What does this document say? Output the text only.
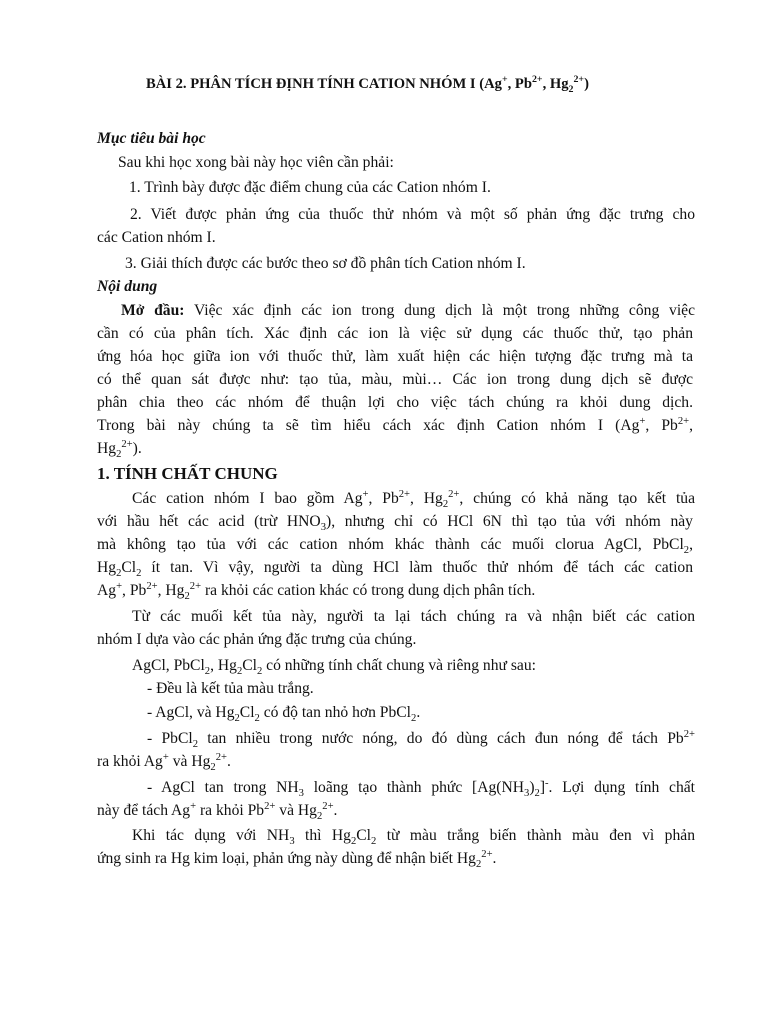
BÀI 2. PHÂN TÍCH ĐỊNH TÍNH CATION NHÓM I (Ag+, $Pb^{2+}$, $Hg_2^{2+}$)
Mục tiêu bài học
Sau khi học xong bài này học viên cần phải:
1. Trình bày được đặc điểm chung của các Cation nhóm I.
2. Viết được phản ứng của thuốc thử nhóm và một số phản ứng đặc trưng cho
các Cation nhóm I.
3. Giải thích được các bước theo sơ đồ phân tích Cation nhóm I.
Nội dung
Mở đầu: Việc xác định các ion trong dung dịch là một trong những công việc
cần có của phân tích. Xác định các ion là việc sử dụng các thuốc thử, tạo phản
ứng hóa học giữa ion với thuốc thử, làm xuất hiện các hiện tượng đặc trưng mà ta
có thể quan sát được như: tạo tủa, màu, mùi… Các ion trong dung dịch sẽ được
phân chia theo các nhóm để thuận lợi cho việc tách chúng ra khỏi dung dịch.
Trong bài này chúng ta sẽ tìm hiểu cách xác định Cation nhóm I (Ag+, $Pb^{2+}$,
$Hg_2^{2+}$).
1. TÍNH CHẤT CHUNG
Các cation nhóm I bao gồm Ag+, $Pb^{2+}$, $Hg_2^{2+}$, chúng có khả năng tạo kết tủa
với hầu hết các acid (trừ $HNO_3$), nhưng chỉ có HCl 6N thì tạo tủa với nhóm này
mà không tạo tủa với các cation nhóm khác thành các muối clorua AgCl, PbCl$_2$,
$Hg_2Cl_2$ ít tan. Vì vậy, người ta dùng HCl làm thuốc thử nhóm để tách các cation
Ag+, $Pb^{2+}$, $Hg_2^{2+}$ ra khỏi các cation khác có trong dung dịch phân tích.
Từ các muối kết tủa này, người ta lại tách chúng ra và nhận biết các cation
nhóm I dựa vào các phản ứng đặc trưng của chúng.
AgCl, PbCl$_2$, $Hg_2Cl_2$ có những tính chất chung và riêng như sau:
- Đều là kết tủa màu trắng.
- AgCl, và $Hg_2Cl_2$ có độ tan nhỏ hơn PbCl$_2$.
- PbCl$_2$ tan nhiều trong nước nóng, do đó dùng cách đun nóng để tách $Pb^{2+}$
ra khỏi Ag+ và $Hg_2^{2+}$.
- AgCl tan trong $NH_3$ loãng tạo thành phức $[Ag(NH_3)_2]^-$. Lợi dụng tính chất
này để tách Ag+ ra khỏi $Pb^{2+}$ và $Hg_2^{2+}$.
Khi tác dụng với $NH_3$ thì $Hg_2Cl_2$ từ màu trắng biến thành màu đen vì phản
ứng sinh ra Hg kim loại, phản ứng này dùng để nhận biết $Hg_2^{2+}$.
